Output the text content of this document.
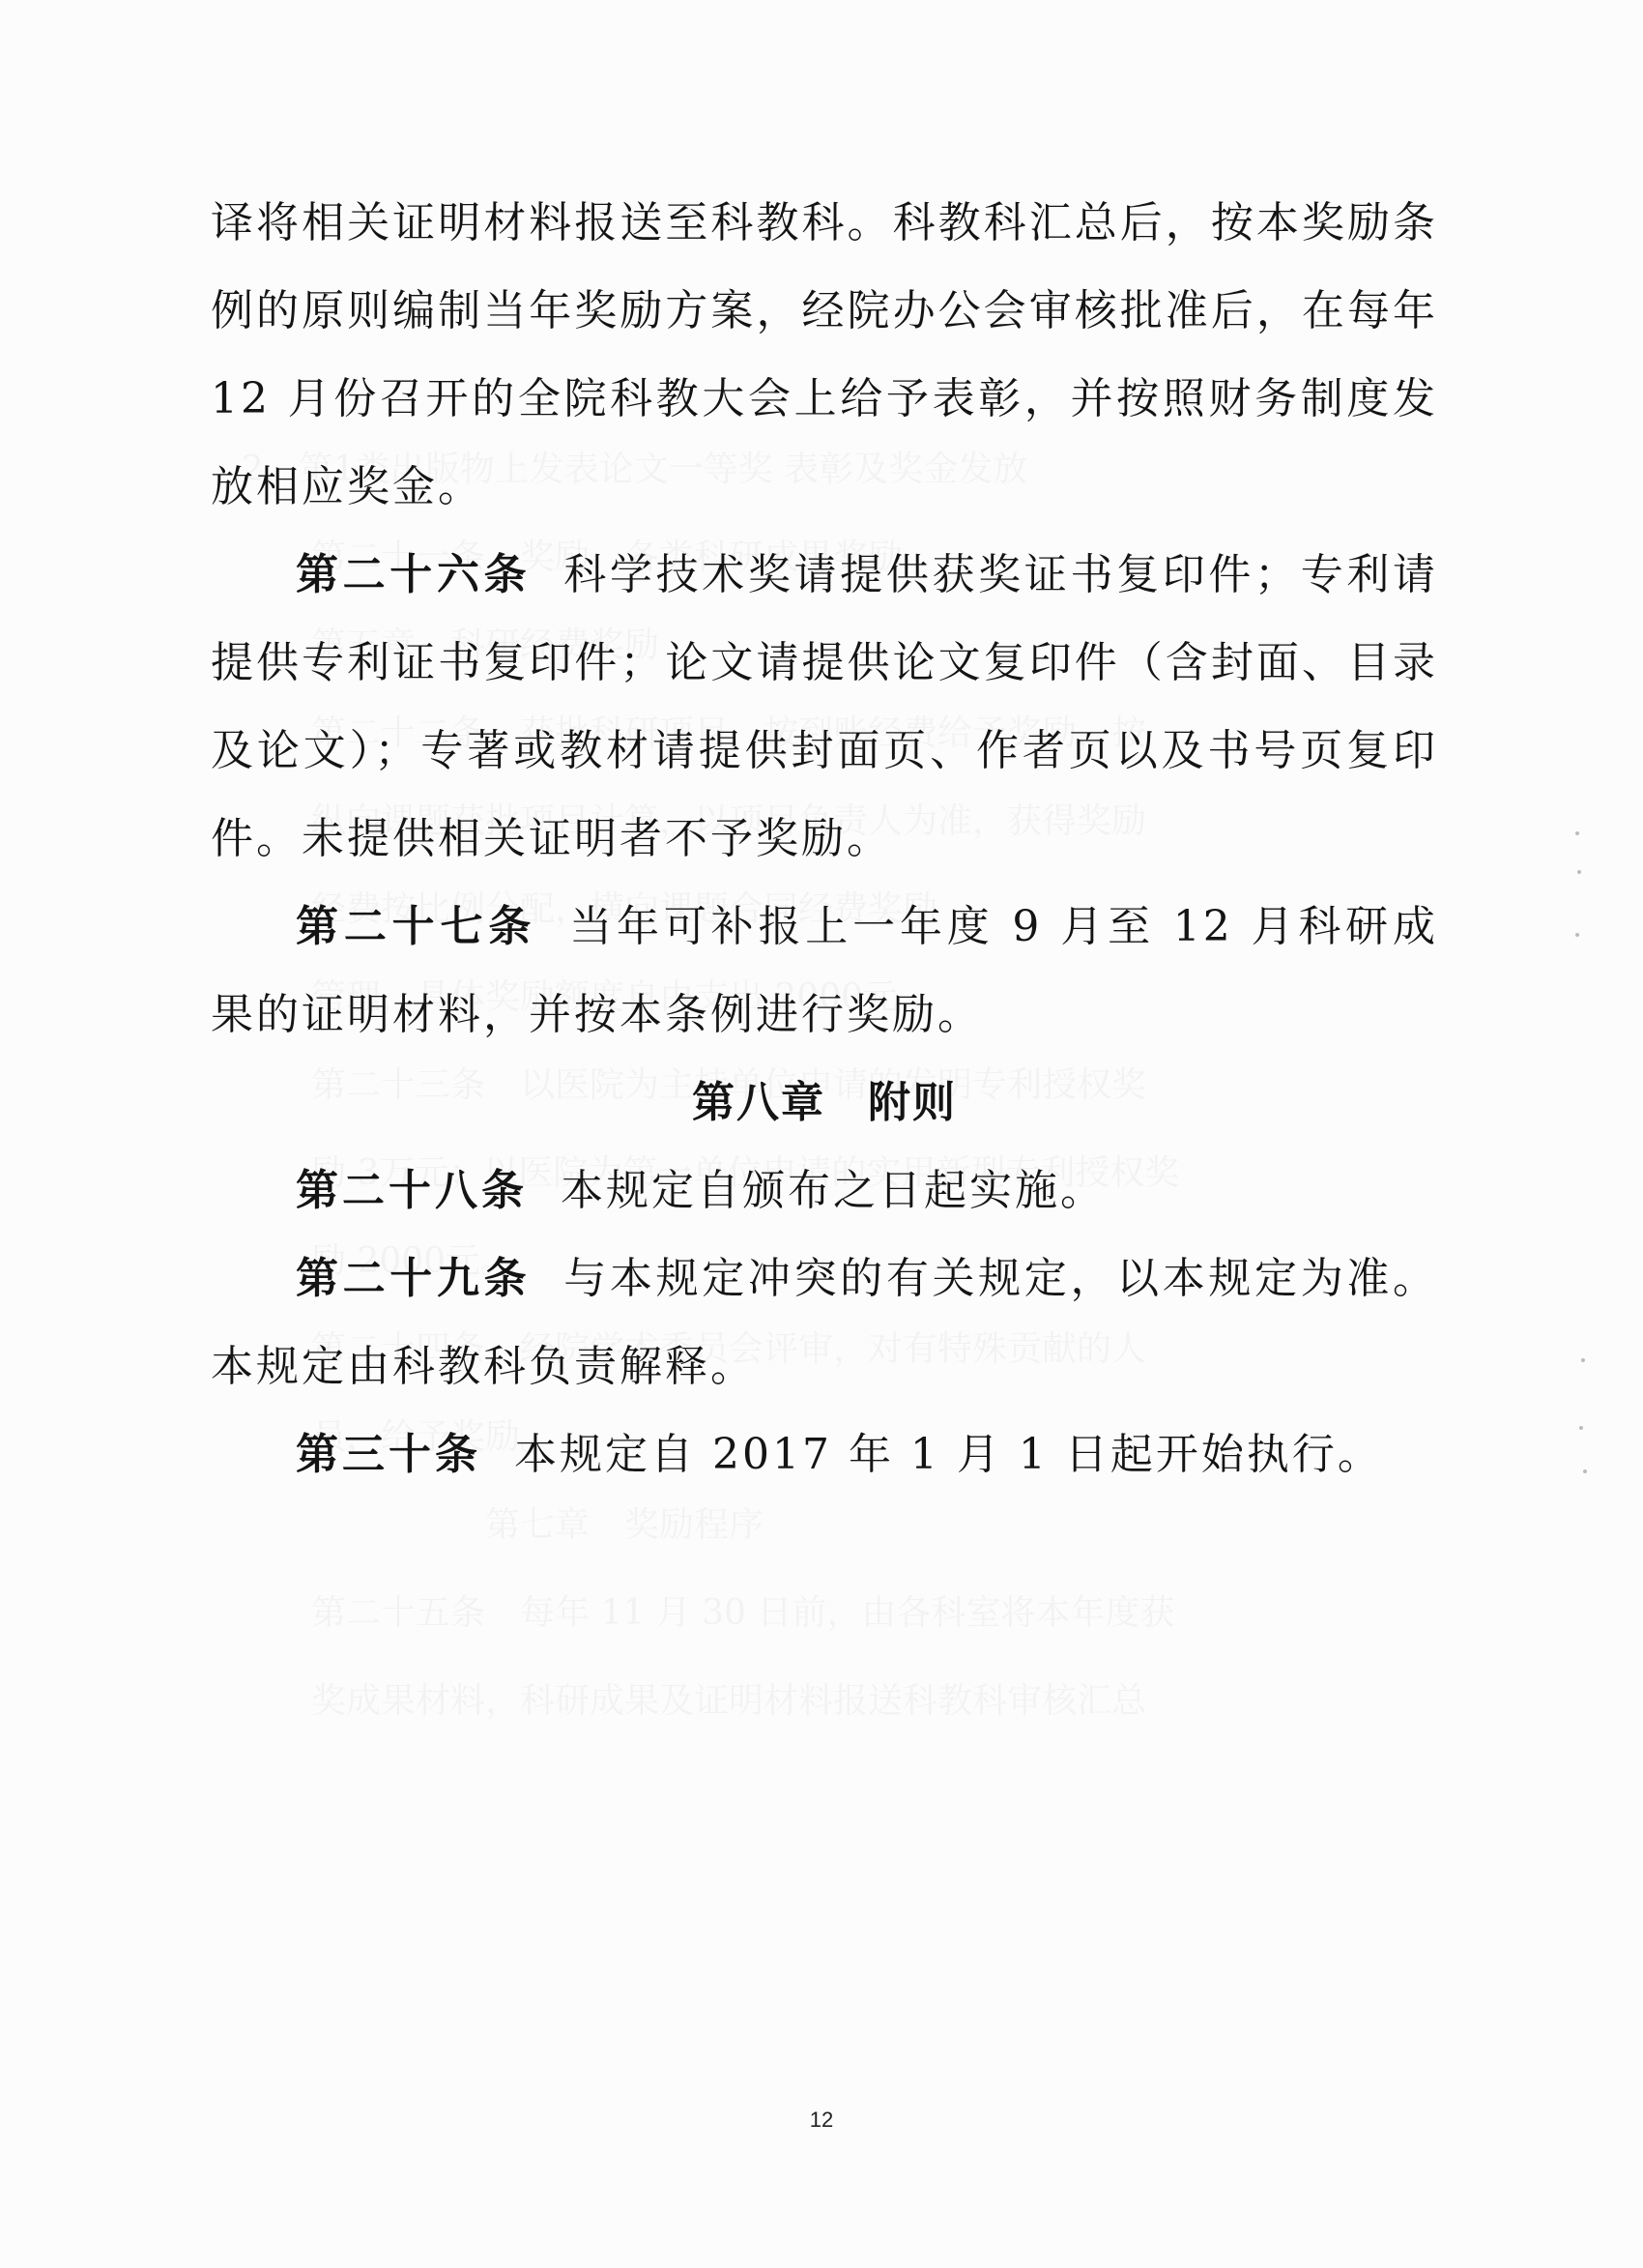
译将相关证明材料报送至科教科。科教科汇总后，按本奖励条例的原则编制当年奖励方案，经院办公会审核批准后，在每年 12 月份召开的全院科教大会上给予表彰，并按照财务制度发放相应奖金。

第二十六条 科学技术奖请提供获奖证书复印件；专利请提供专利证书复印件；论文请提供论文复印件（含封面、目录及论文）；专著或教材请提供封面页、作者页以及书号页复印件。未提供相关证明者不予奖励。

第二十七条 当年可补报上一年度 9 月至 12 月科研成果的证明材料，并按本条例进行奖励。

第八章 附则

第二十八条 本规定自颁布之日起实施。

第二十九条 与本规定冲突的有关规定，以本规定为准。本规定由科教科负责解释。

第三十条 本规定自 2017 年 1 月 1 日起开始执行。

12
